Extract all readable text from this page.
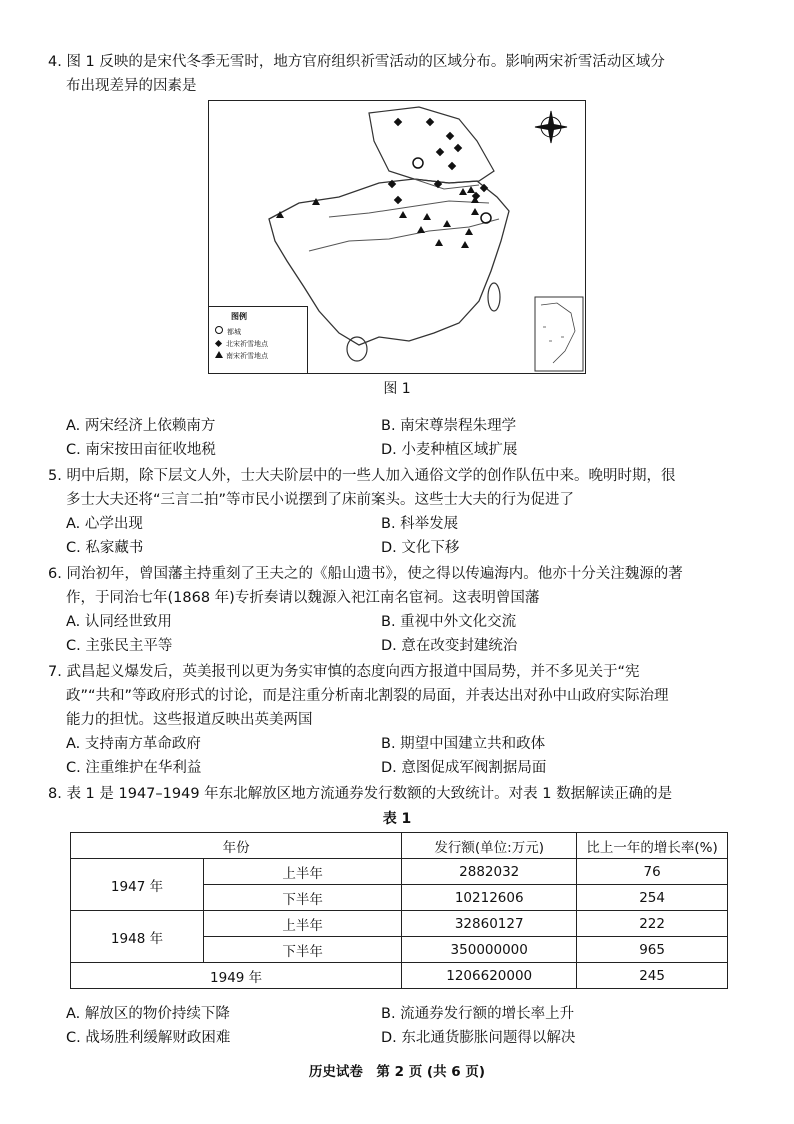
4. 图 1 反映的是宋代冬季无雪时，地方官府组织祈雪活动的区域分布。影响两宋祈雪活动区域分
布出现差异的因素是
图例
都城
北宋祈雪地点
南宋祈雪地点
图 1
A. 两宋经济上依赖南方	B. 南宋尊崇程朱理学
C. 南宋按田亩征收地税	D. 小麦种植区域扩展
5. 明中后期，除下层文人外，士大夫阶层中的一些人加入通俗文学的创作队伍中来。晚明时期，很
多士大夫还将“三言二拍”等市民小说摆到了床前案头。这些士大夫的行为促进了
A. 心学出现	B. 科举发展
C. 私家藏书	D. 文化下移
6. 同治初年，曾国藩主持重刻了王夫之的《船山遗书》，使之得以传遍海内。他亦十分关注魏源的著
作，于同治七年(1868 年)专折奏请以魏源入祀江南名宦祠。这表明曾国藩
A. 认同经世致用	B. 重视中外文化交流
C. 主张民主平等	D. 意在改变封建统治
7. 武昌起义爆发后，英美报刊以更为务实审慎的态度向西方报道中国局势，并不多见关于“宪
政”“共和”等政府形式的讨论，而是注重分析南北割裂的局面，并表达出对孙中山政府实际治理
能力的担忧。这些报道反映出英美两国
A. 支持南方革命政府	B. 期望中国建立共和政体
C. 注重维护在华利益	D. 意图促成军阀割据局面
8. 表 1 是 1947–1949 年东北解放区地方流通券发行数额的大致统计。对表 1 数据解读正确的是
表 1
年份		发行额(单位:万元)	比上一年的增长率(%)
1947 年	上半年	2882032	76
	下半年	10212606	254
1948 年	上半年	32860127	222
	下半年	350000000	965
1949 年		1206620000	245
A. 解放区的物价持续下降	B. 流通券发行额的增长率上升
C. 战场胜利缓解财政困难	D. 东北通货膨胀问题得以解决
历史试卷　第 2 页 (共 6 页)
